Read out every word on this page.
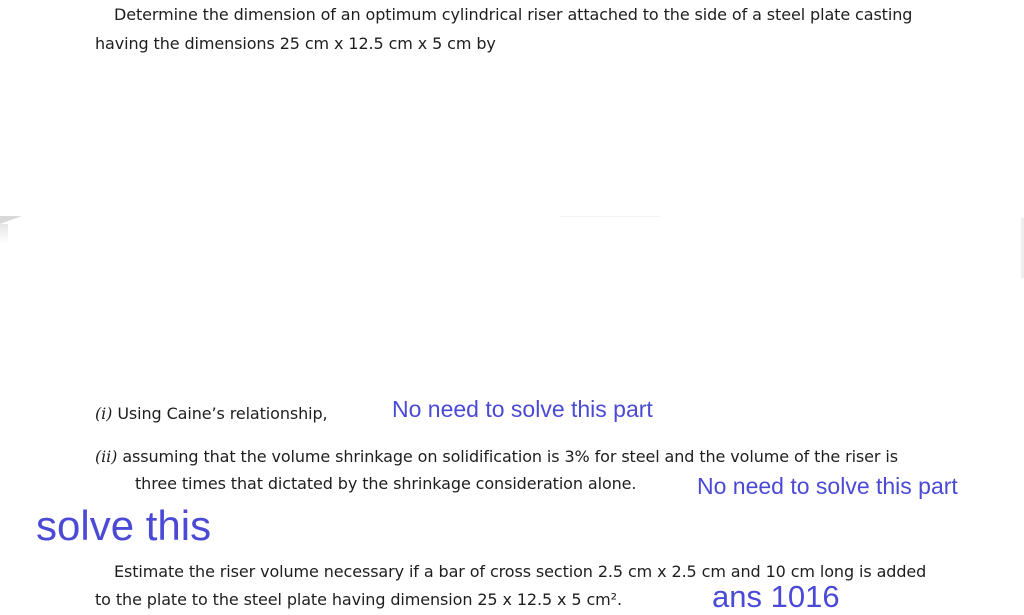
Determine the dimension of an optimum cylindrical riser attached to the side of a steel plate casting
having the dimensions 25 cm x 12.5 cm x 5 cm by
(i) Using Caine’s relationship,	No need to solve this part
(ii) assuming that the volume shrinkage on solidification is 3% for steel and the volume of the riser is
three times that dictated by the shrinkage consideration alone.	No need to solve this part
solve this
Estimate the riser volume necessary if a bar of cross section 2.5 cm x 2.5 cm and 10 cm long is added
to the plate to the steel plate having dimension 25 x 12.5 x 5 cm².	ans 1016
